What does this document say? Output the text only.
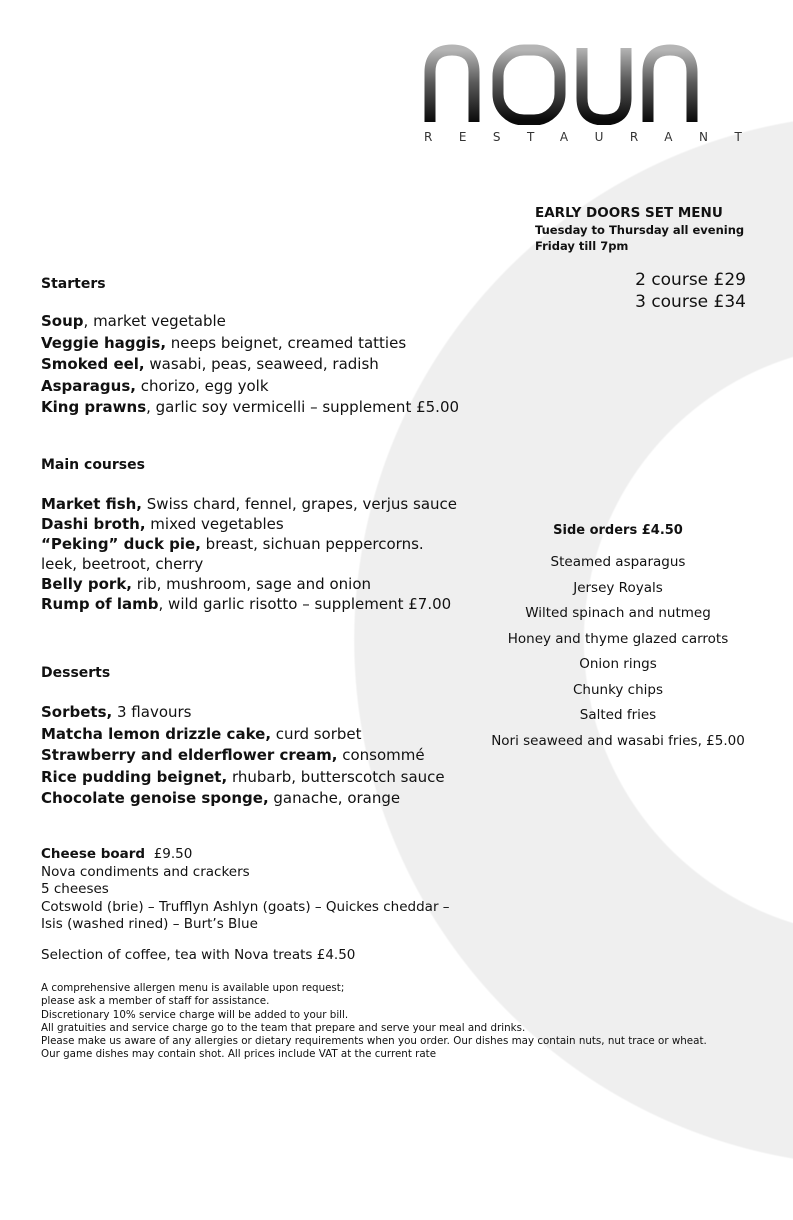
RESTAURANT
EARLY DOORS SET MENU
Tuesday to Thursday all evening
Friday till 7pm
2 course £29
3 course £34
Starters
Soup, market vegetable
Veggie haggis, neeps beignet, creamed tatties
Smoked eel, wasabi, peas, seaweed, radish
Asparagus, chorizo, egg yolk
King prawns, garlic soy vermicelli – supplement £5.00
Main courses
Market fish, Swiss chard, fennel, grapes, verjus sauce
Dashi broth, mixed vegetables
“Peking” duck pie, breast, sichuan peppercorns. leek, beetroot, cherry
Belly pork, rib, mushroom, sage and onion
Rump of lamb, wild garlic risotto – supplement £7.00
Desserts
Sorbets, 3 flavours
Matcha lemon drizzle cake, curd sorbet
Strawberry and elderflower cream, consommé
Rice pudding beignet, rhubarb, butterscotch sauce
Chocolate genoise sponge, ganache, orange
Side orders £4.50
Steamed asparagus
Jersey Royals
Wilted spinach and nutmeg
Honey and thyme glazed carrots
Onion rings
Chunky chips
Salted fries
Nori seaweed and wasabi fries, £5.00
Cheese board £9.50
Nova condiments and crackers
5 cheeses
Cotswold (brie) – Trufflyn Ashlyn (goats) – Quickes cheddar –
Isis (washed rined) – Burt’s Blue
Selection of coffee, tea with Nova treats £4.50
A comprehensive allergen menu is available upon request;
please ask a member of staff for assistance.
Discretionary 10% service charge will be added to your bill.
All gratuities and service charge go to the team that prepare and serve your meal and drinks.
Please make us aware of any allergies or dietary requirements when you order. Our dishes may contain nuts, nut trace or wheat.
Our game dishes may contain shot. All prices include VAT at the current rate
